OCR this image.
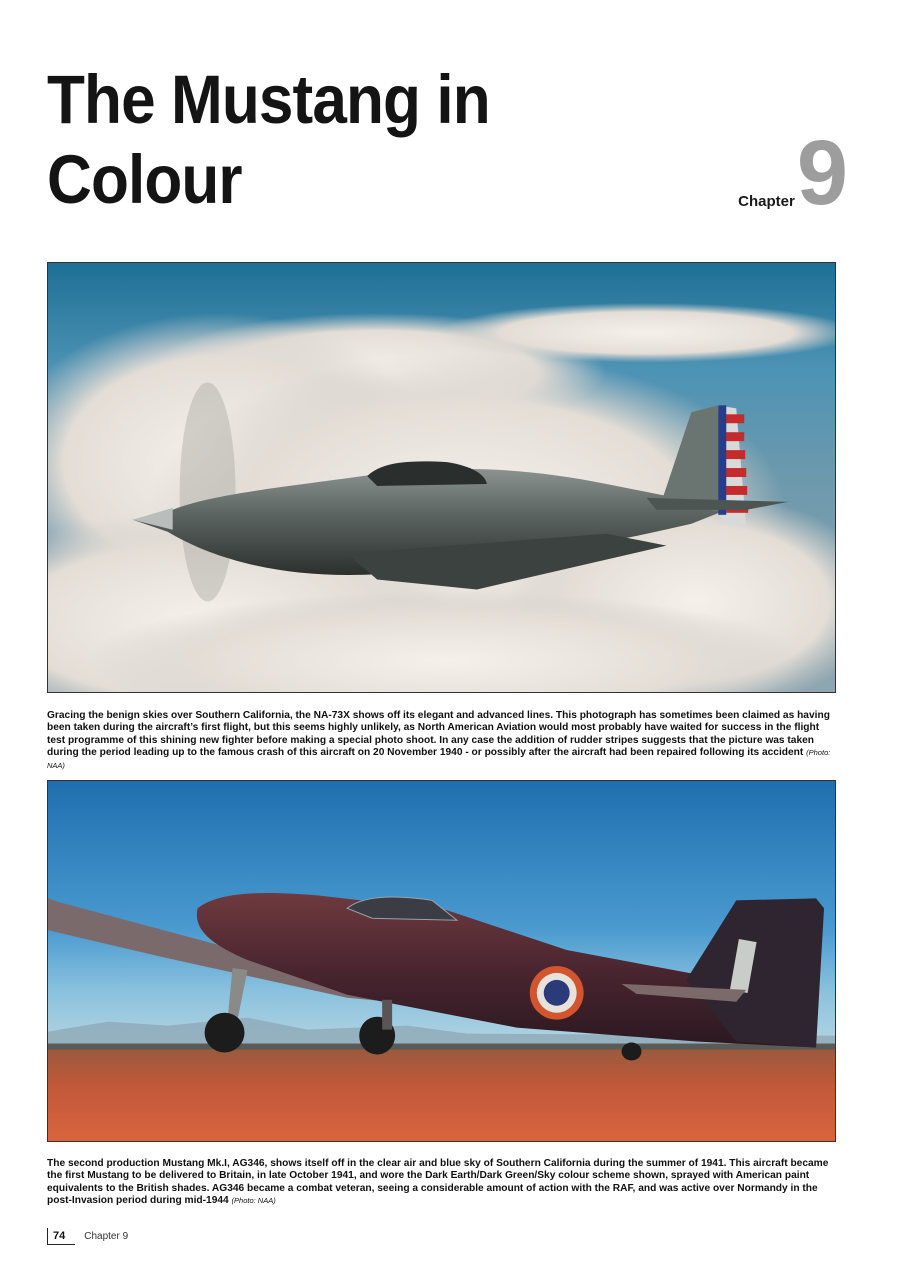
The Mustang in
Colour	Chapter 9

Gracing the benign skies over Southern California, the NA-73X shows off its elegant and advanced lines. This photograph has sometimes been claimed as having been taken during the aircraft’s first flight, but this seems highly unlikely, as North American Aviation would most probably have waited for success in the flight test programme of this shining new fighter before making a special photo shoot. In any case the addition of rudder stripes suggests that the picture was taken during the period leading up to the famous crash of this aircraft on 20 November 1940 - or possibly after the aircraft had been repaired following its accident (Photo: NAA)

The second production Mustang Mk.I, AG346, shows itself off in the clear air and blue sky of Southern California during the summer of 1941. This aircraft became the first Mustang to be delivered to Britain, in late October 1941, and wore the Dark Earth/Dark Green/Sky colour scheme shown, sprayed with American paint equivalents to the British shades. AG346 became a combat veteran, seeing a considerable amount of action with the RAF, and was active over Normandy in the post-Invasion period during mid-1944 (Photo: NAA)

74	Chapter 9
